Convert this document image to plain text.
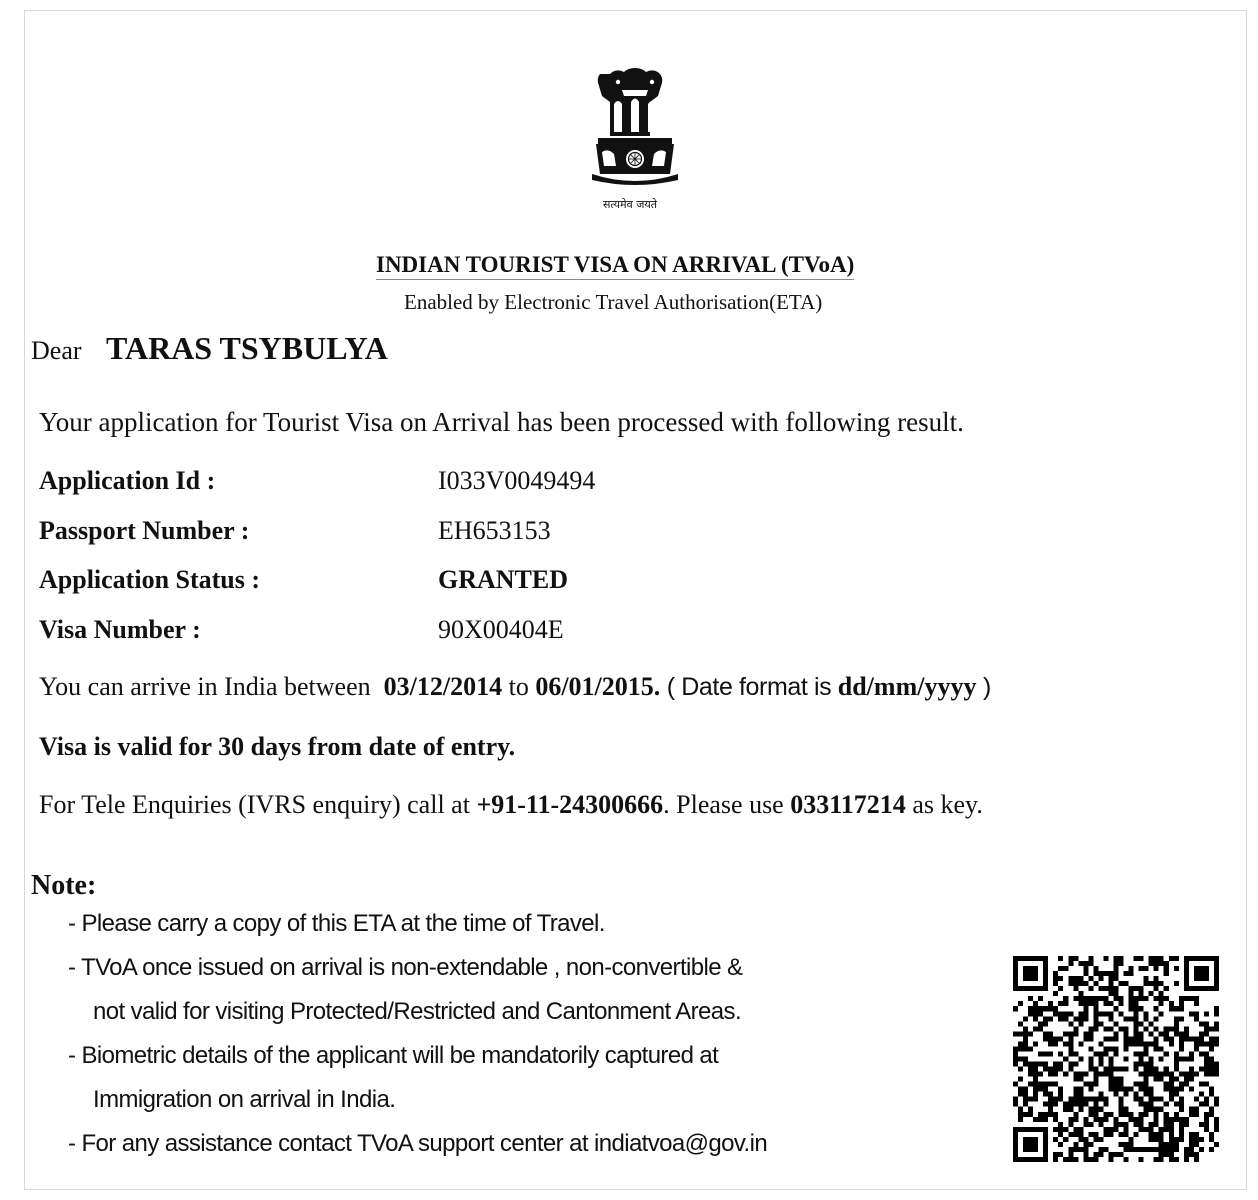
सत्यमेव जयते
INDIAN TOURIST VISA ON ARRIVAL (TVoA)
Enabled by Electronic Travel Authorisation(ETA)
Dear TARAS TSYBULYA
Your application for Tourist Visa on Arrival has been processed with following result.
Application Id :	I033V0049494
Passport Number :	EH653153
Application Status :	GRANTED
Visa Number :	90X00404E
You can arrive in India between 03/12/2014 to 06/01/2015. ( Date format is dd/mm/yyyy )
Visa is valid for 30 days from date of entry.
For Tele Enquiries (IVRS enquiry) call at +91-11-24300666. Please use 033117214 as key.
Note:
- Please carry a copy of this ETA at the time of Travel.
- TVoA once issued on arrival is non-extendable , non-convertible &
not valid for visiting Protected/Restricted and Cantonment Areas.
- Biometric details of the applicant will be mandatorily captured at
Immigration on arrival in India.
- For any assistance contact TVoA support center at indiatvoa@gov.in
